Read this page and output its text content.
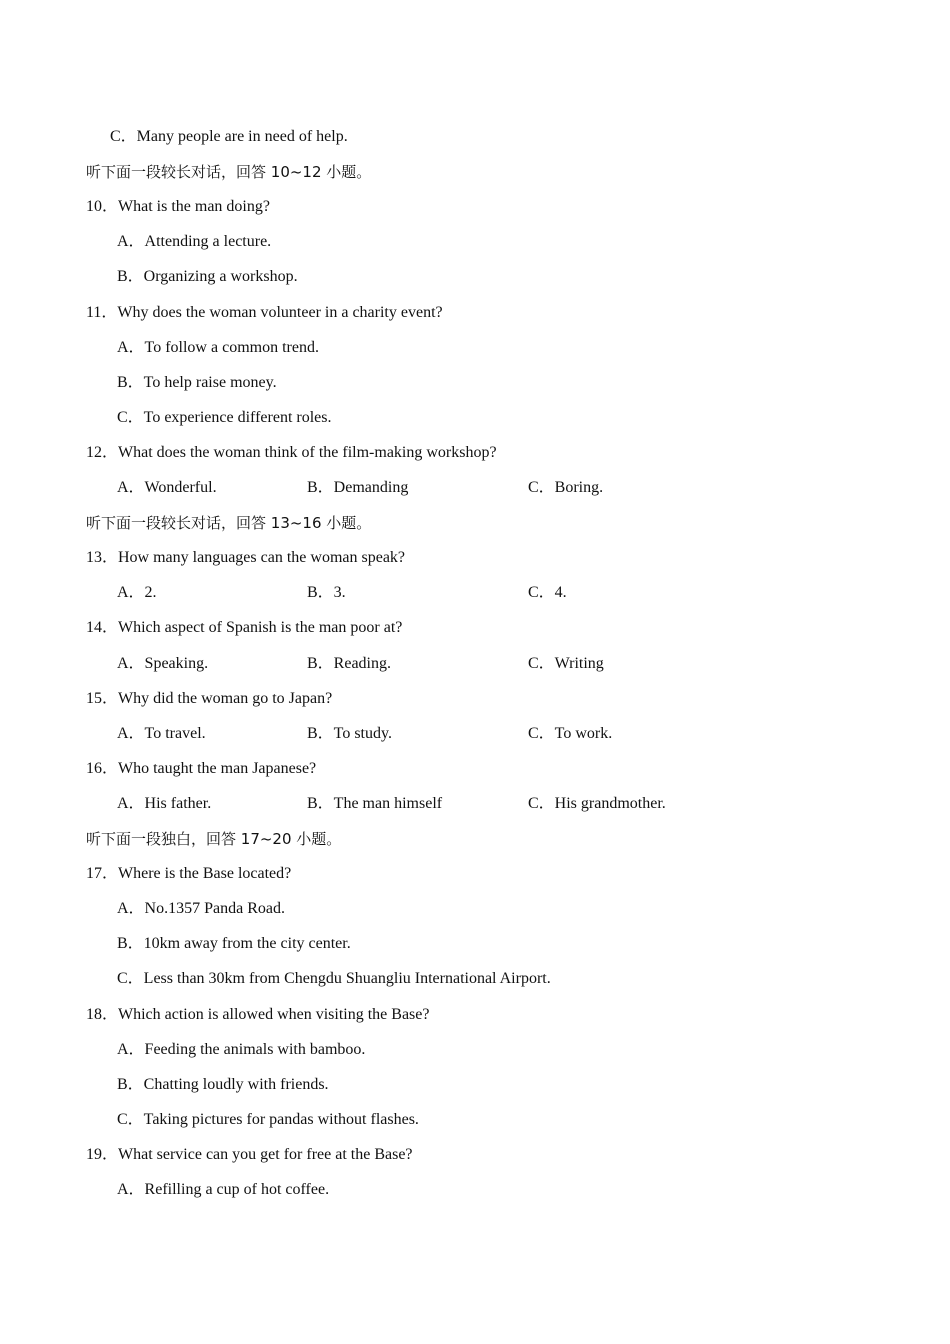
C．Many people are in need of help.
听下面一段较长对话，回答 10~12 小题。
10．What is the man doing?
A．Attending a lecture.
B．Organizing a workshop.
11．Why does the woman volunteer in a charity event?
A．To follow a common trend.
B．To help raise money.
C．To experience different roles.
12．What does the woman think of the film-making workshop?
A．Wonderful.	B．Demanding	C．Boring.
听下面一段较长对话，回答 13~16 小题。
13．How many languages can the woman speak?
A．2.	B．3.	C．4.
14．Which aspect of Spanish is the man poor at?
A．Speaking.	B．Reading.	C．Writing
15．Why did the woman go to Japan?
A．To travel.	B．To study.	C．To work.
16．Who taught the man Japanese?
A．His father.	B．The man himself	C．His grandmother.
听下面一段独白，回答 17~20 小题。
17．Where is the Base located?
A．No.1357 Panda Road.
B．10km away from the city center.
C．Less than 30km from Chengdu Shuangliu International Airport.
18．Which action is allowed when visiting the Base?
A．Feeding the animals with bamboo.
B．Chatting loudly with friends.
C．Taking pictures for pandas without flashes.
19．What service can you get for free at the Base?
A．Refilling a cup of hot coffee.
